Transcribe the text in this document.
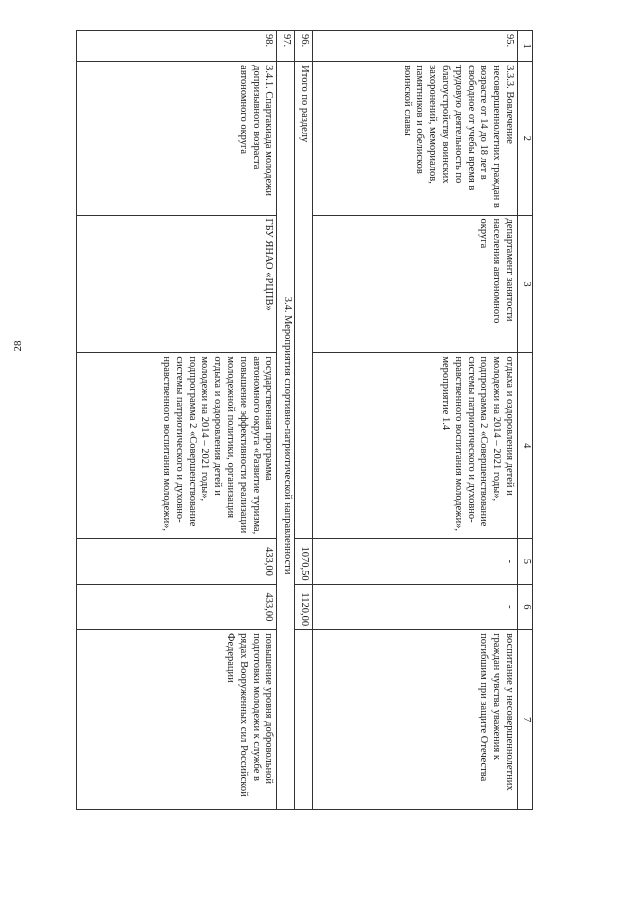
28
1	2	3	4	5	6	7
95.	3.3.3. Вовлечение несовершеннолетних граждан в возрасте от 14 до 18 лет в свободное от учебы время в трудовую деятельность по благоустройству воинских захоронений, мемориалов, памятников и обелисков воинской славы	департамент занятости населения автономного округа	отдыха и оздоровления детей и молодежи на 2014 – 2021 годы», подпрограмма 2 «Совершенствование системы патриотического и духовно-нравственного воспитания молодежи», мероприятие 1.4	-	-	воспитание у несовершеннолетних граждан чувства уважения к погибшим при защите Отечества
96.	Итого по разделу			1070,50	1120,00	
97.	3.4. Мероприятия спортивно-патриотической направленности					
98.	3.4.1. Спартакиада молодежи допризывного возраста автономного округа	ГБУ ЯНАО «РЦПВ»	государственная программа автономного округа «Развитие туризма, повышение эффективности реализации молодежной политики, организация отдыха и оздоровления детей и молодежи на 2014 – 2021 годы», подпрограмма 2 «Совершенствование системы патриотического и духовно-нравственного воспитания молодежи»,	433,00	433,00	повышение уровня добровольной подготовки молодежи к службе в рядах Вооруженных сил Российской Федерации
